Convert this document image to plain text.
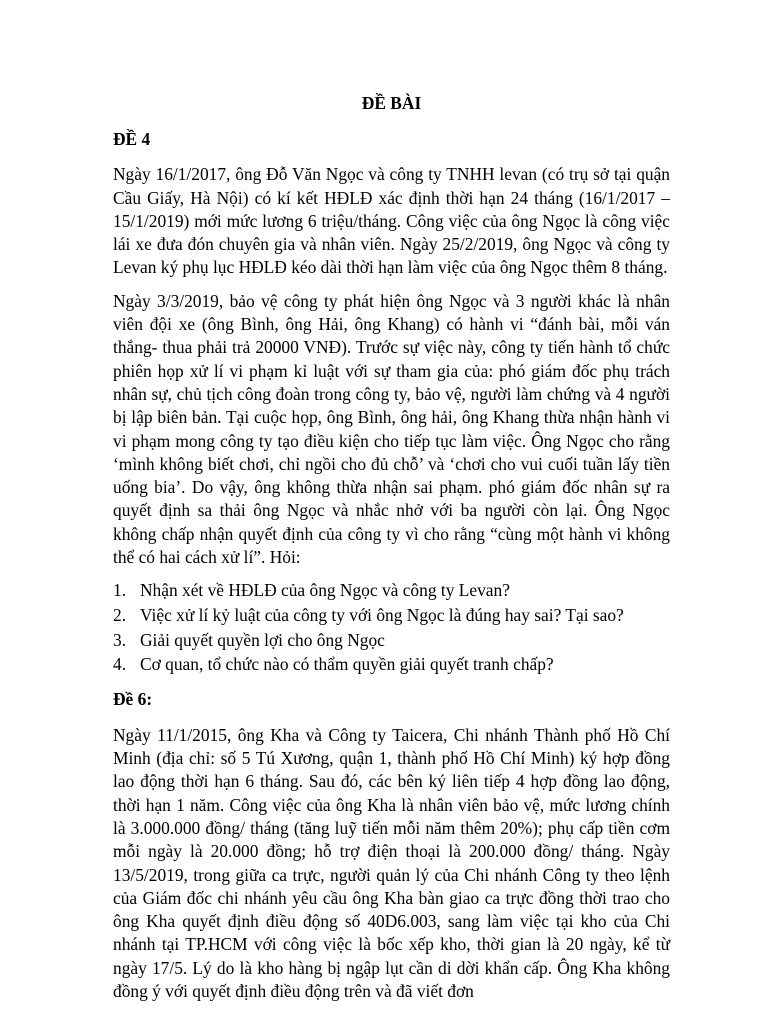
ĐỀ BÀI
ĐỀ 4

Ngày 16/1/2017, ông Đỗ Văn Ngọc và công ty TNHH levan (có trụ sở tại quận Cầu Giấy, Hà Nội) có kí kết HĐLĐ xác định thời hạn 24 tháng (16/1/2017 – 15/1/2019) mới mức lương 6 triệu/tháng. Công việc của ông Ngọc là công việc lái xe đưa đón chuyên gia và nhân viên. Ngày 25/2/2019, ông Ngọc và công ty Levan ký phụ lục HĐLĐ kéo dài thời hạn làm việc của ông Ngọc thêm 8 tháng.

Ngày 3/3/2019, bảo vệ công ty phát hiện ông Ngọc và 3 người khác là nhân viên đội xe (ông Bình, ông Hải, ông Khang) có hành vi “đánh bài, mỗi ván thắng- thua phải trả 20000 VNĐ). Trước sự việc này, công ty tiến hành tổ chức phiên họp xử lí vi phạm kỉ luật với sự tham gia của: phó giám đốc phụ trách nhân sự, chủ tịch công đoàn trong công ty, bảo vệ, người làm chứng và 4 người bị lập biên bản. Tại cuộc họp, ông Bình, ông hải, ông Khang thừa nhận hành vi vi phạm mong công ty tạo điều kiện cho tiếp tục làm việc. Ông Ngọc cho rằng ‘mình không biết chơi, chỉ ngồi cho đủ chỗ’ và ‘chơi cho vui cuối tuần lấy tiền uống bia’. Do vậy, ông không thừa nhận sai phạm. phó giám đốc nhân sự ra quyết định sa thải ông Ngọc và nhắc nhở với ba người còn lại. Ông Ngọc không chấp nhận quyết định của công ty vì cho rằng “cùng một hành vi không thể có hai cách xử lí”. Hỏi:

1. Nhận xét về HĐLĐ của ông Ngọc và công ty Levan?
2. Việc xử lí kỷ luật của công ty với ông Ngọc là đúng hay sai? Tại sao?
3. Giải quyết quyền lợi cho ông Ngọc
4. Cơ quan, tổ chức nào có thẩm quyền giải quyết tranh chấp?
Đề 6:

Ngày 11/1/2015, ông Kha và Công ty Taicera, Chi nhánh Thành phố Hồ Chí Minh (địa chỉ: số 5 Tú Xương, quận 1, thành phố Hồ Chí Minh) ký hợp đồng lao động thời hạn 6 tháng. Sau đó, các bên ký liên tiếp 4 hợp đồng lao động, thời hạn 1 năm. Công việc của ông Kha là nhân viên bảo vệ, mức lương chính là 3.000.000 đồng/ tháng (tăng luỹ tiến mỗi năm thêm 20%); phụ cấp tiền cơm mỗi ngày là 20.000 đồng; hỗ trợ điện thoại là 200.000 đồng/ tháng. Ngày 13/5/2019, trong giữa ca trực, người quản lý của Chi nhánh Công ty theo lệnh của Giám đốc chi nhánh yêu cầu ông Kha bàn giao ca trực đồng thời trao cho ông Kha quyết định điều động số 40D6.003, sang làm việc tại kho của Chi nhánh tại TP.HCM với công việc là bốc xếp kho, thời gian là 20 ngày, kể từ ngày 17/5. Lý do là kho hàng bị ngập lụt cần di dời khẩn cấp. Ông Kha không đồng ý với quyết định điều động trên và đã viết đơn
